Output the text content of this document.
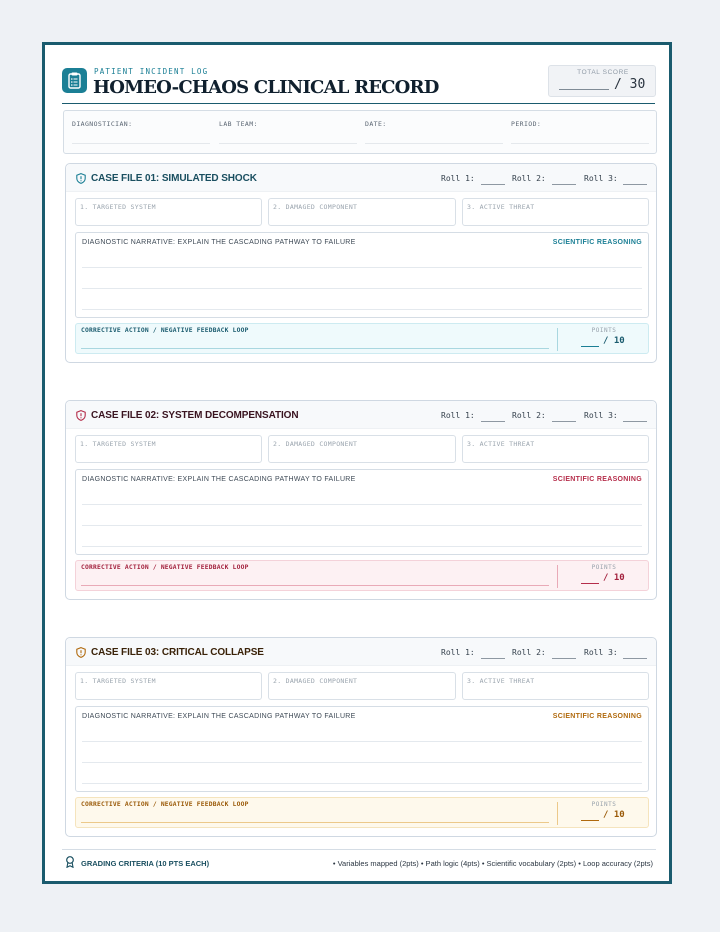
PATIENT INCIDENT LOG
HOMEO-CHAOS CLINICAL RECORD
TOTAL SCORE
/ 30
DIAGNOSTICIAN:	LAB TEAM:	DATE:	PERIOD:
CASE FILE 01: SIMULATED SHOCK	Roll 1:	Roll 2:	Roll 3:
1. TARGETED SYSTEM	2. DAMAGED COMPONENT	3. ACTIVE THREAT
DIAGNOSTIC NARRATIVE: EXPLAIN THE CASCADING PATHWAY TO FAILURE	SCIENTIFIC REASONING
CORRECTIVE ACTION / NEGATIVE FEEDBACK LOOP	POINTS
/ 10
CASE FILE 02: SYSTEM DECOMPENSATION	Roll 1:	Roll 2:	Roll 3:
1. TARGETED SYSTEM	2. DAMAGED COMPONENT	3. ACTIVE THREAT
DIAGNOSTIC NARRATIVE: EXPLAIN THE CASCADING PATHWAY TO FAILURE	SCIENTIFIC REASONING
CORRECTIVE ACTION / NEGATIVE FEEDBACK LOOP	POINTS
/ 10
CASE FILE 03: CRITICAL COLLAPSE	Roll 1:	Roll 2:	Roll 3:
1. TARGETED SYSTEM	2. DAMAGED COMPONENT	3. ACTIVE THREAT
DIAGNOSTIC NARRATIVE: EXPLAIN THE CASCADING PATHWAY TO FAILURE	SCIENTIFIC REASONING
CORRECTIVE ACTION / NEGATIVE FEEDBACK LOOP	POINTS
/ 10
GRADING CRITERIA (10 PTS EACH)	• Variables mapped (2pts) • Path logic (4pts) • Scientific vocabulary (2pts) • Loop accuracy (2pts)
